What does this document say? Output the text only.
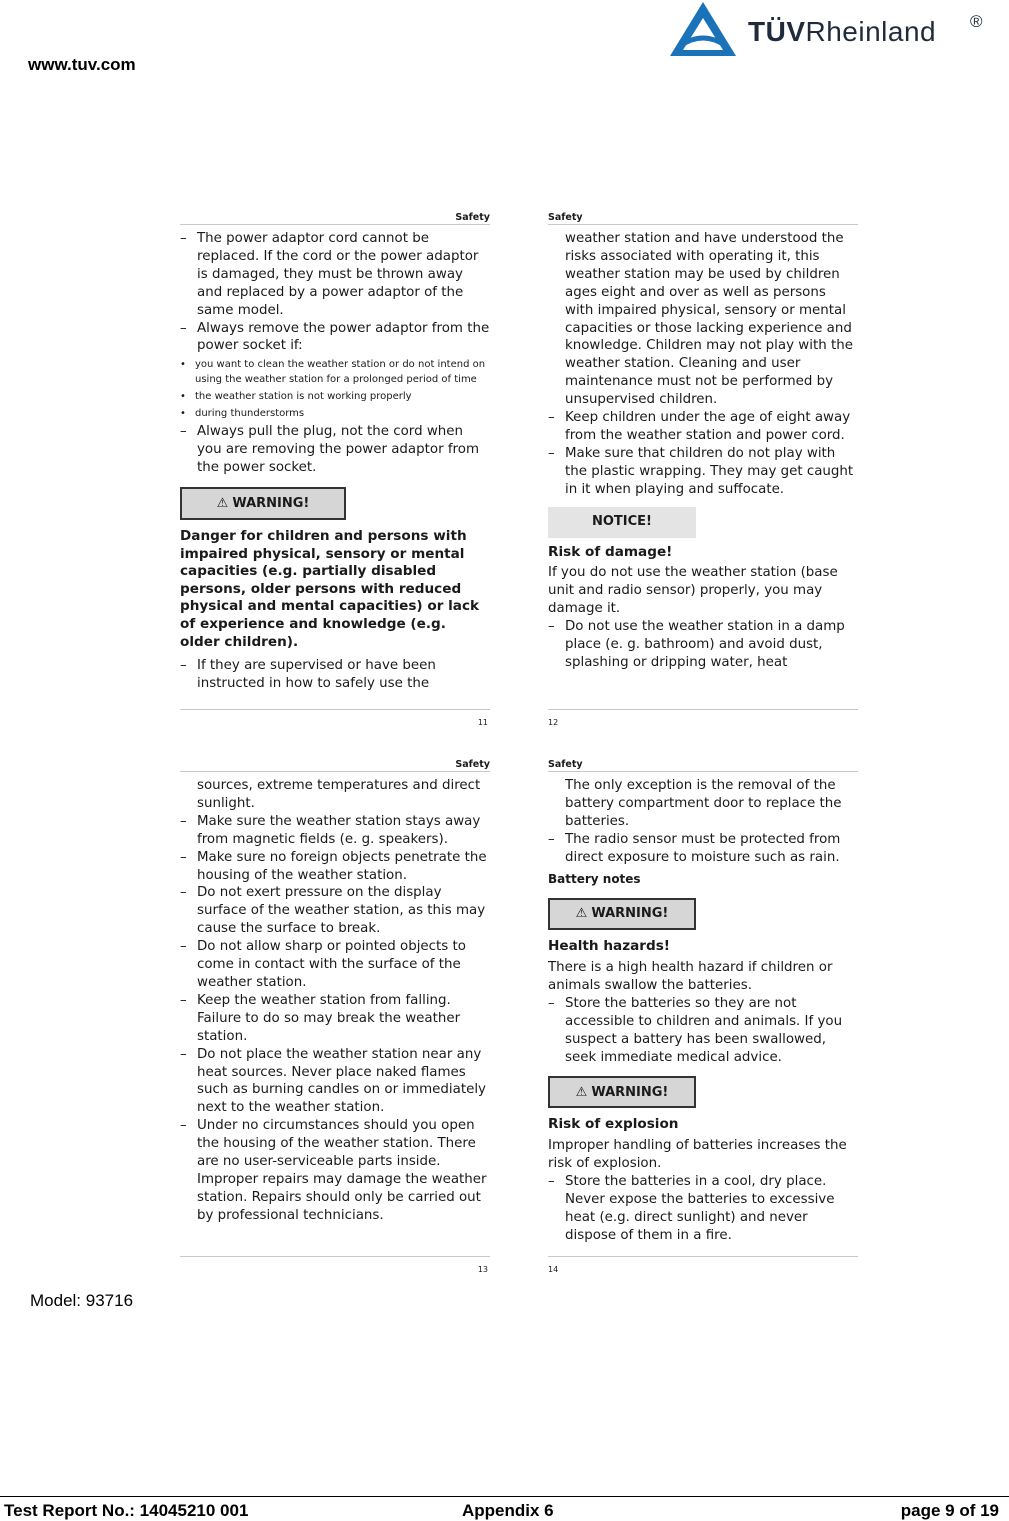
www.tuv.com
TÜVRheinland ®
Safety
– The power adaptor cord cannot be replaced. If the cord or the power adaptor is damaged, they must be thrown away and replaced by a power adaptor of the same model.
– Always remove the power adaptor from the power socket if:
• you want to clean the weather station or do not intend on using the weather station for a prolonged period of time
• the weather station is not working properly
• during thunderstorms
– Always pull the plug, not the cord when you are removing the power adaptor from the power socket.
⚠ WARNING!
Danger for children and persons with impaired physical, sensory or mental capacities (e.g. partially disabled persons, older persons with reduced physical and mental capacities) or lack of experience and knowledge (e.g. older children).
– If they are supervised or have been instructed in how to safely use the
11
Safety
weather station and have understood the risks associated with operating it, this weather station may be used by children ages eight and over as well as persons with impaired physical, sensory or mental capacities or those lacking experience and knowledge. Children may not play with the weather station. Cleaning and user maintenance must not be performed by unsupervised children.
– Keep children under the age of eight away from the weather station and power cord.
– Make sure that children do not play with the plastic wrapping. They may get caught in it when playing and suffocate.
NOTICE!
Risk of damage!
If you do not use the weather station (base unit and radio sensor) properly, you may damage it.
– Do not use the weather station in a damp place (e. g. bathroom) and avoid dust, splashing or dripping water, heat
12
Safety
sources, extreme temperatures and direct sunlight.
– Make sure the weather station stays away from magnetic fields (e. g. speakers).
– Make sure no foreign objects penetrate the housing of the weather station.
– Do not exert pressure on the display surface of the weather station, as this may cause the surface to break.
– Do not allow sharp or pointed objects to come in contact with the surface of the weather station.
– Keep the weather station from falling. Failure to do so may break the weather station.
– Do not place the weather station near any heat sources. Never place naked flames such as burning candles on or immediately next to the weather station.
– Under no circumstances should you open the housing of the weather station. There are no user-serviceable parts inside. Improper repairs may damage the weather station. Repairs should only be carried out by professional technicians.
13
Safety
The only exception is the removal of the battery compartment door to replace the batteries.
– The radio sensor must be protected from direct exposure to moisture such as rain.
Battery notes
⚠ WARNING!
Health hazards!
There is a high health hazard if children or animals swallow the batteries.
– Store the batteries so they are not accessible to children and animals. If you suspect a battery has been swallowed, seek immediate medical advice.
⚠ WARNING!
Risk of explosion
Improper handling of batteries increases the risk of explosion.
– Store the batteries in a cool, dry place. Never expose the batteries to excessive heat (e.g. direct sunlight) and never dispose of them in a fire.
14
Model: 93716
Test Report No.: 14045210 001	Appendix 6	page 9 of 19
